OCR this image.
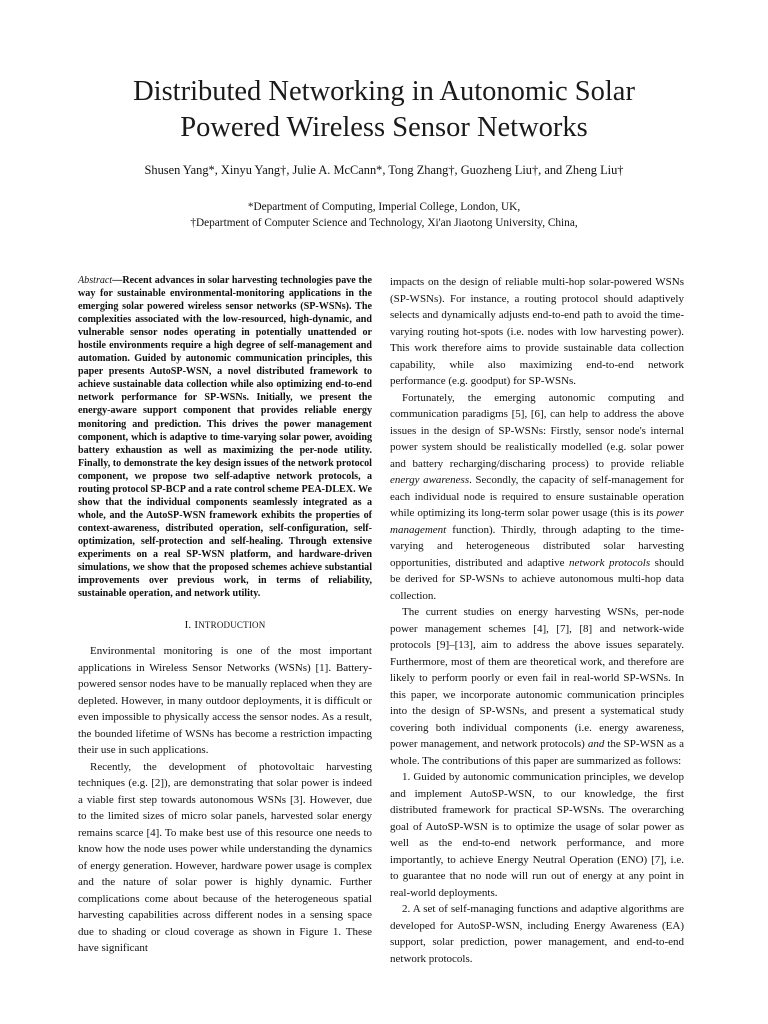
Distributed Networking in Autonomic Solar
Powered Wireless Sensor Networks

Shusen Yang*, Xinyu Yang†, Julie A. McCann*, Tong Zhang†, Guozheng Liu†, and Zheng Liu†

*Department of Computing, Imperial College, London, UK,
†Department of Computer Science and Technology, Xi'an Jiaotong University, China,

Abstract—Recent advances in solar harvesting technologies pave the way for sustainable environmental-monitoring applications in the emerging solar powered wireless sensor networks (SP-WSNs). The complexities associated with the low-resourced, high-dynamic, and vulnerable sensor nodes operating in potentially unattended or hostile environments require a high degree of self-management and automation. Guided by autonomic communication principles, this paper presents AutoSP-WSN, a novel distributed framework to achieve sustainable data collection while also optimizing end-to-end network performance for SP-WSNs. Initially, we present the energy-aware support component that provides reliable energy monitoring and prediction. This drives the power management component, which is adaptive to time-varying solar power, avoiding battery exhaustion as well as maximizing the per-node utility. Finally, to demonstrate the key design issues of the network protocol component, we propose two self-adaptive network protocols, a routing protocol SP-BCP and a rate control scheme PEA-DLEX. We show that the individual components seamlessly integrated as a whole, and the AutoSP-WSN framework exhibits the properties of context-awareness, distributed operation, self-configuration, self-optimization, self-protection and self-healing. Through extensive experiments on a real SP-WSN platform, and hardware-driven simulations, we show that the proposed schemes achieve substantial improvements over previous work, in terms of reliability, sustainable operation, and network utility.

I. INTRODUCTION

Environmental monitoring is one of the most important applications in Wireless Sensor Networks (WSNs) [1]. Battery-powered sensor nodes have to be manually replaced when they are depleted. However, in many outdoor deployments, it is difficult or even impossible to physically access the sensor nodes. As a result, the bounded lifetime of WSNs has become a restriction impacting their use in such applications.

Recently, the development of photovoltaic harvesting techniques (e.g. [2]), are demonstrating that solar power is indeed a viable first step towards autonomous WSNs [3]. However, due to the limited sizes of micro solar panels, harvested solar energy remains scarce [4]. To make best use of this resource one needs to know how the node uses power while understanding the dynamics of energy generation. However, hardware power usage is complex and the nature of solar power is highly dynamic. Further complications come about because of the heterogeneous spatial harvesting capabilities across different nodes in a sensing space due to shading or cloud coverage as shown in Figure 1. These have significant

impacts on the design of reliable multi-hop solar-powered WSNs (SP-WSNs). For instance, a routing protocol should adaptively selects and dynamically adjusts end-to-end path to avoid the time-varying routing hot-spots (i.e. nodes with low harvesting power). This work therefore aims to provide sustainable data collection capability, while also maximizing end-to-end network performance (e.g. goodput) for SP-WSNs.

Fortunately, the emerging autonomic computing and communication paradigms [5], [6], can help to address the above issues in the design of SP-WSNs: Firstly, sensor node's internal power system should be realistically modelled (e.g. solar power and battery recharging/discharing process) to provide reliable energy awareness. Secondly, the capacity of self-management for each individual node is required to ensure sustainable operation while optimizing its long-term solar power usage (this is its power management function). Thirdly, through adapting to the time-varying and heterogeneous distributed solar harvesting opportunities, distributed and adaptive network protocols should be derived for SP-WSNs to achieve autonomous multi-hop data collection.

The current studies on energy harvesting WSNs, per-node power management schemes [4], [7], [8] and network-wide protocols [9]–[13], aim to address the above issues separately. Furthermore, most of them are theoretical work, and therefore are likely to perform poorly or even fail in real-world SP-WSNs. In this paper, we incorporate autonomic communication principles into the design of SP-WSNs, and present a systematical study covering both individual components (i.e. energy awareness, power management, and network protocols) and the SP-WSN as a whole. The contributions of this paper are summarized as follows:

1. Guided by autonomic communication principles, we develop and implement AutoSP-WSN, to our knowledge, the first distributed framework for practical SP-WSNs. The overarching goal of AutoSP-WSN is to optimize the usage of solar power as well as the end-to-end network performance, and more importantly, to achieve Energy Neutral Operation (ENO) [7], i.e. to guarantee that no node will run out of energy at any point in real-world deployments.

2. A set of self-managing functions and adaptive algorithms are developed for AutoSP-WSN, including Energy Awareness (EA) support, solar prediction, power management, and end-to-end network protocols.
